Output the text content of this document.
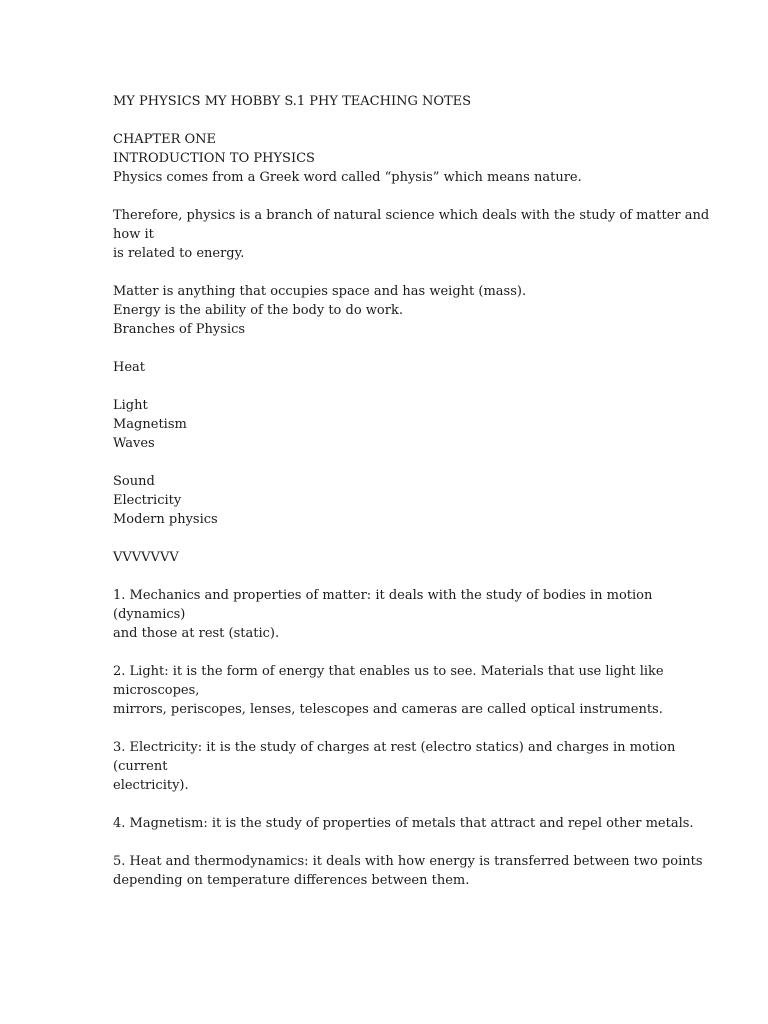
MY PHYSICS MY HOBBY S.1 PHY TEACHING NOTES
CHAPTER ONE
INTRODUCTION TO PHYSICS
Physics comes from a Greek word called “physis” which means nature.
Therefore, physics is a branch of natural science which deals with the study of matter and
how it
is related to energy.
Matter is anything that occupies space and has weight (mass).
Energy is the ability of the body to do work.
Branches of Physics
Heat
Light
Magnetism
Waves
Sound
Electricity
Modern physics
VVVVVVV
1. Mechanics and properties of matter: it deals with the study of bodies in motion
(dynamics)
and those at rest (static).
2. Light: it is the form of energy that enables us to see. Materials that use light like
microscopes,
mirrors, periscopes, lenses, telescopes and cameras are called optical instruments.
3. Electricity: it is the study of charges at rest (electro statics) and charges in motion
(current
electricity).
4. Magnetism: it is the study of properties of metals that attract and repel other metals.
5. Heat and thermodynamics: it deals with how energy is transferred between two points
depending on temperature differences between them.
